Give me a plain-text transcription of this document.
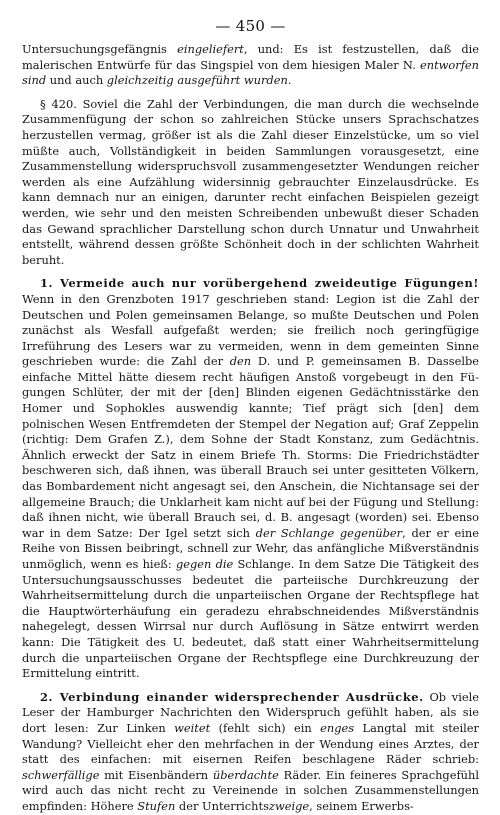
— 450 —

Untersuchungsgefängnis eingeliefert, und: Es ist festzustellen, daß die malerischen Entwürfe für das Singspiel von dem hiesigen Maler N. entworfen sind und auch gleichzeitig ausgeführt wurden.

§ 420. Soviel die Zahl der Verbindungen, die man durch die wechselnde Zusammenfügung der schon so zahlreichen Stücke unsers Sprachschatzes herzustellen vermag, größer ist als die Zahl dieser Einzelstücke, um so viel müßte auch, Vollständigkeit in beiden Sammlungen vorausgesetzt, eine Zusammenstellung widerspruchsvoll zusammengesetzter Wendungen reicher werden als eine Aufzählung widersinnig gebrauchter Einzelausdrücke. Es kann demnach nur an einigen, darunter recht einfachen Beispielen gezeigt werden, wie sehr und den meisten Schreibenden unbewußt dieser Schaden das Gewand sprachlicher Darstellung schon durch Unnatur und Unwahrheit entstellt, während dessen größte Schönheit doch in der schlichten Wahrheit beruht.

1. Vermeide auch nur vorübergehend zweideutige Fügungen! Wenn in den Grenzboten 1917 geschrieben stand: Legion ist die Zahl der Deutschen und Polen gemeinsamen Belange, so mußte Deutschen und Polen zunächst als Wesfall aufgefaßt werden; sie freilich noch geringfügige Irreführung des Lesers war zu vermeiden, wenn in dem gemeinten Sinne geschrieben wurde: die Zahl der den D. und P. gemeinsamen B. Dasselbe einfache Mittel hätte diesem recht häufigen Anstoß vorgebeugt in den Fügungen Schlüter, der mit der [den] Blinden eigenen Gedächtnisstärke den Homer und Sophokles auswendig kannte; Tief prägt sich [den] dem polnischen Wesen Entfremdeten der Stempel der Negation auf; Graf Zeppelin (richtig: Dem Grafen Z.), dem Sohne der Stadt Konstanz, zum Gedächtnis. Ähnlich erweckt der Satz in einem Briefe Th. Storms: Die Friedrichstädter beschweren sich, daß ihnen, was überall Brauch sei unter gesitteten Völkern, das Bombardement nicht angesagt sei, den Anschein, die Nichtansage sei der allgemeine Brauch; die Unklarheit kam nicht auf bei der Fügung und Stellung: daß ihnen nicht, wie überall Brauch sei, d. B. angesagt (worden) sei. Ebenso war in dem Satze: Der Igel setzt sich der Schlange gegenüber, der er eine Reihe von Bissen beibringt, schnell zur Wehr, das anfängliche Mißverständnis unmöglich, wenn es hieß: gegen die Schlange. In dem Satze Die Tätigkeit des Untersuchungsausschusses bedeutet die parteiische Durchkreuzung der Wahrheitsermittelung durch die unparteiischen Organe der Rechtspflege hat die Hauptwörterhäufung ein geradezu ehrabschneidendes Mißverständnis nahegelegt, dessen Wirrsal nur durch Auflösung in Sätze entwirrt werden kann: Die Tätigkeit des U. bedeutet, daß statt einer Wahrheitsermittelung durch die unparteiischen Organe der Rechtspflege eine Durchkreuzung der Ermittelung eintritt.

2. Verbindung einander widersprechender Ausdrücke. Ob viele Leser der Hamburger Nachrichten den Widerspruch gefühlt haben, als sie dort lesen: Zur Linken weitet (fehlt sich) ein enges Langtal mit steiler Wandung? Vielleicht eher den mehrfachen in der Wendung eines Arztes, der statt des einfachen: mit eisernen Reifen beschlagene Räder schrieb: schwerfällige mit Eisenbändern überdachte Räder. Ein feineres Sprachgefühl wird auch das nicht recht zu Vereinende in solchen Zusammenstellungen empfinden: Höhere Stufen der Unterrichtszweige, seinem Erwerbs-
